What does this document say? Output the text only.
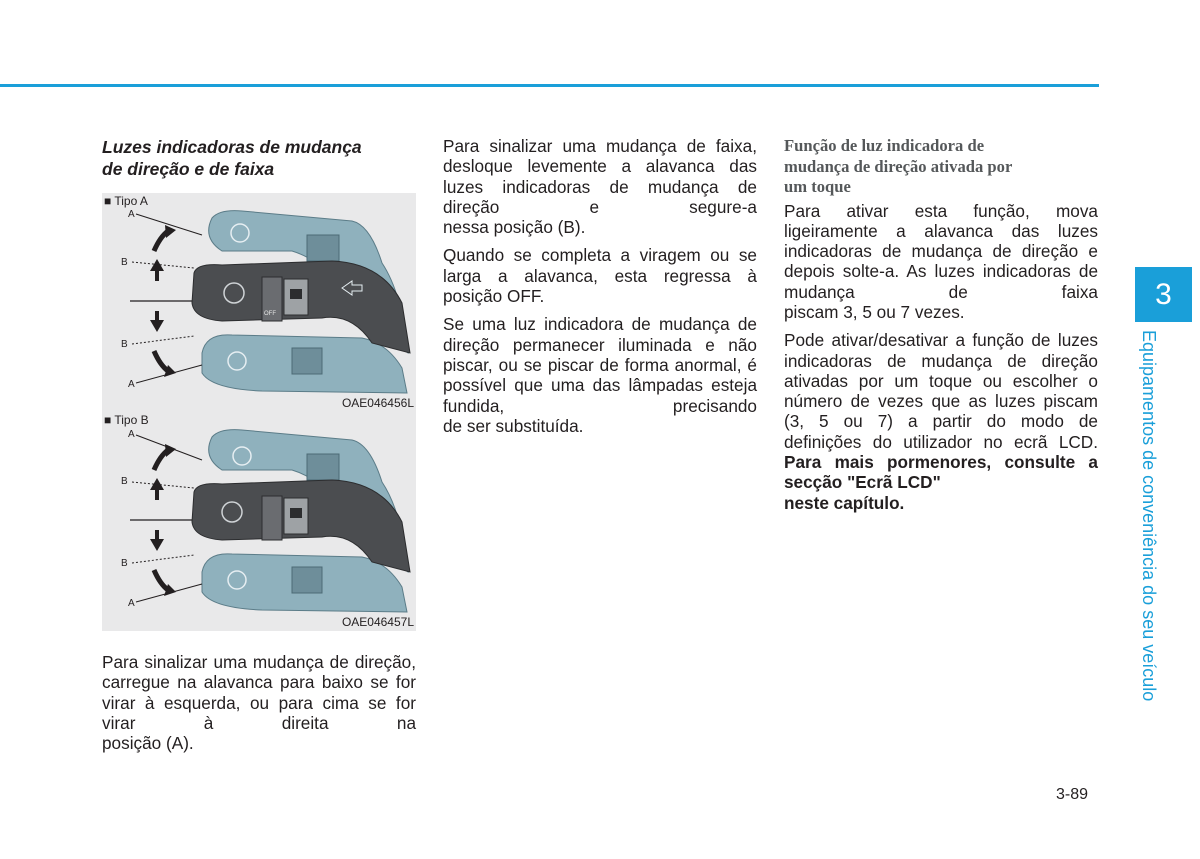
Luzes indicadoras de mudança
de direção e de faixa
OFF
A
B
B
A
■ Tipo A
OAE046456L
A
B
B
A
■ Tipo B
OAE046457L

Para sinalizar uma mudança de direção, carregue na alavanca para baixo se for virar à esquerda, ou para cima se for virar à direita na
posição (A).

Para sinalizar uma mudança de faixa, desloque levemente a alavanca das luzes indicadoras de mudança de direção e segure-a
nessa posição (B).

Quando se completa a viragem ou se larga a alavanca, esta regressa à
posição OFF.

Se uma luz indicadora de mudança de direção permanecer iluminada e não piscar, ou se piscar de forma anormal, é possível que uma das lâmpadas esteja fundida, precisando
de ser substituída.

Função de luz indicadora de
mudança de direção ativada por
um toque

Para ativar esta função, mova ligeiramente a alavanca das luzes indicadoras de mudança de direção e depois solte-a. As luzes indicadoras de mudança de faixa
piscam 3, 5 ou 7 vezes.

Pode ativar/desativar a função de luzes indicadoras de mudança de direção ativadas por um toque ou escolher o número de vezes que as luzes piscam (3, 5 ou 7) a partir do modo de definições do utilizador no ecrã LCD. Para mais pormenores, consulte a secção "Ecrã LCD"
neste capítulo.

3
Equipamentos de conveniência do seu veículo
3-89
